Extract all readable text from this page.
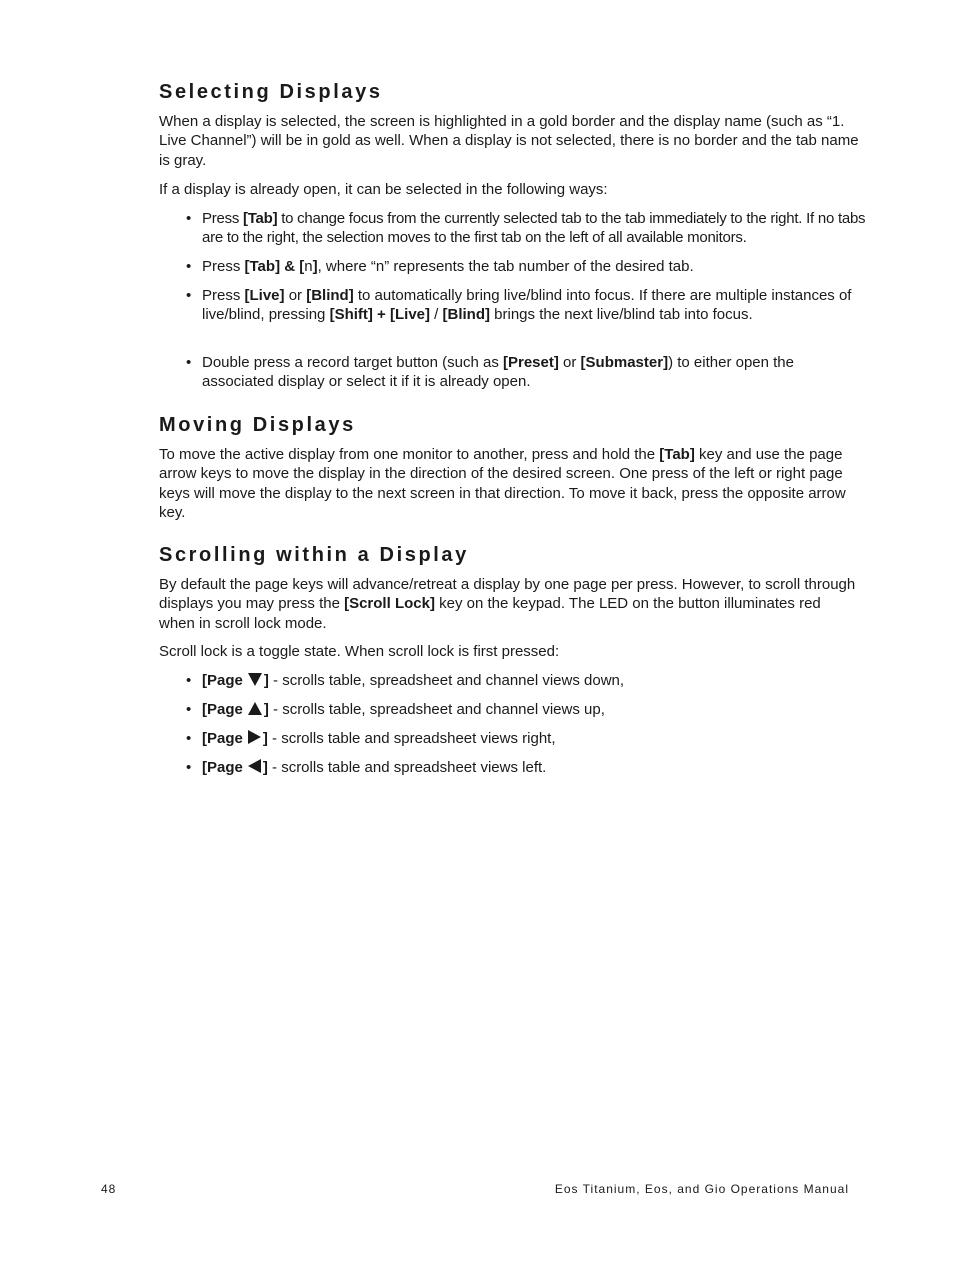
Selecting Displays

When a display is selected, the screen is highlighted in a gold border and the display name (such as “1. Live Channel”) will be in gold as well. When a display is not selected, there is no border and the tab name is gray.

If a display is already open, it can be selected in the following ways:

• Press [Tab] to change focus from the currently selected tab to the tab immediately to the right. If no tabs are to the right, the selection moves to the first tab on the left of all available monitors.
• Press [Tab] & [n], where “n” represents the tab number of the desired tab.
• Press [Live] or [Blind] to automatically bring live/blind into focus. If there are multiple instances of live/blind, pressing [Shift] + [Live] / [Blind] brings the next live/blind tab into focus.
• Double press a record target button (such as [Preset] or [Submaster]) to either open the associated display or select it if it is already open.
Moving Displays

To move the active display from one monitor to another, press and hold the [Tab] key and use the page arrow keys to move the display in the direction of the desired screen. One press of the left or right page keys will move the display to the next screen in that direction. To move it back, press the opposite arrow key.

Scrolling within a Display

By default the page keys will advance/retreat a display by one page per press. However, to scroll through displays you may press the [Scroll Lock] key on the keypad. The LED on the button illuminates red when in scroll lock mode.

Scroll lock is a toggle state. When scroll lock is first pressed:

• [Page ] - scrolls table, spreadsheet and channel views down,
• [Page ] - scrolls table, spreadsheet and channel views up,
• [Page ] - scrolls table and spreadsheet views right,
• [Page ] - scrolls table and spreadsheet views left.
48	Eos Titanium, Eos, and Gio Operations Manual
